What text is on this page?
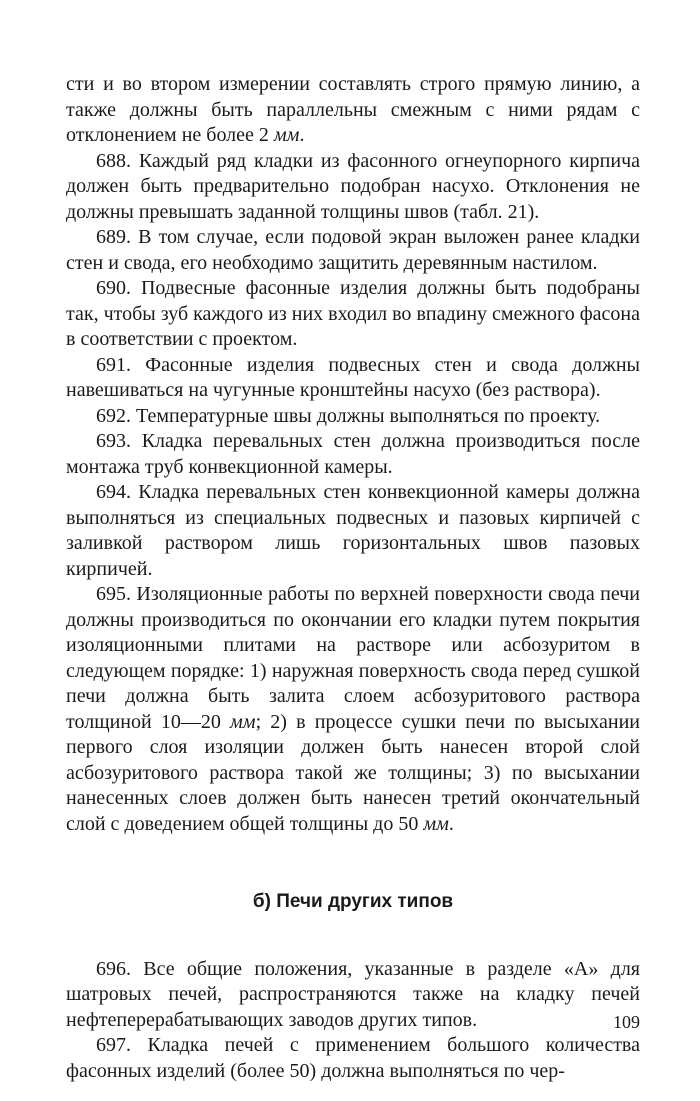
сти и во втором измерении составлять строго прямую линию, а также должны быть параллельны смежным с ними рядам с отклонением не более 2 мм.

688. Каждый ряд кладки из фасонного огнеупорного кирпича должен быть предварительно подобран насухо. Отклонения не должны превышать заданной толщины швов (табл. 21).

689. В том случае, если подовой экран выложен ранее кладки стен и свода, его необходимо защитить деревянным настилом.

690. Подвесные фасонные изделия должны быть подобраны так, чтобы зуб каждого из них входил во впадину смежного фасона в соответствии с проектом.

691. Фасонные изделия подвесных стен и свода должны навешиваться на чугунные кронштейны насухо (без раствора).

692. Температурные швы должны выполняться по проекту.

693. Кладка перевальных стен должна производиться после монтажа труб конвекционной камеры.

694. Кладка перевальных стен конвекционной камеры должна выполняться из специальных подвесных и пазовых кирпичей с заливкой раствором лишь горизонтальных швов пазовых кирпичей.

695. Изоляционные работы по верхней поверхности свода печи должны производиться по окончании его кладки путем покрытия изоляционными плитами на растворе или асбозуритом в следующем порядке: 1) наружная поверхность свода перед сушкой печи должна быть залита слоем асбозуритового раствора толщиной 10—20 мм; 2) в процессе сушки печи по высыхании первого слоя изоляции должен быть нанесен второй слой асбозуритового раствора такой же толщины; 3) по высыхании нанесенных слоев должен быть нанесен третий окончательный слой с доведением общей толщины до 50 мм.

б) Печи других типов

696. Все общие положения, указанные в разделе «А» для шатровых печей, распространяются также на кладку печей нефтеперерабатывающих заводов других типов.

697. Кладка печей с применением большого количества фасонных изделий (более 50) должна выполняться по чер-

109
